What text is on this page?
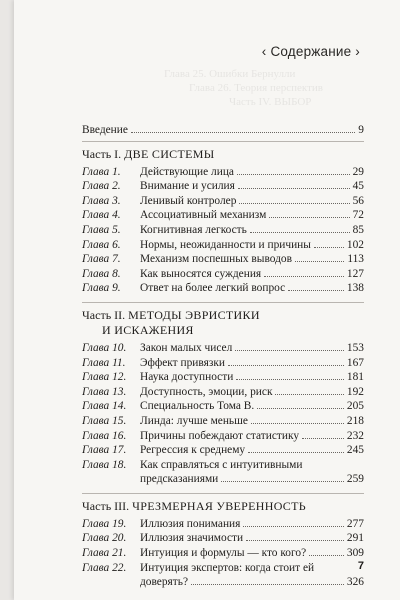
Глава 25. Ошибки Бернулли
Часть IV. ВЫБОР
Глава 26. Теория перспектив
‹ Содержание ›
Введение	9
Часть I. ДВЕ СИСТЕМЫ
Глава 1.	Действующие лица	29
Глава 2.	Внимание и усилия	45
Глава 3.	Ленивый контролер	56
Глава 4.	Ассоциативный механизм	72
Глава 5.	Когнитивная легкость	85
Глава 6.	Нормы, неожиданности и причины	102
Глава 7.	Механизм поспешных выводов	113
Глава 8.	Как выносятся суждения	127
Глава 9.	Ответ на более легкий вопрос	138
Часть II. МЕТОДЫ ЭВРИСТИКИ
И ИСКАЖЕНИЯ
Глава 10.	Закон малых чисел	153
Глава 11.	Эффект привязки	167
Глава 12.	Наука доступности	181
Глава 13.	Доступность, эмоции, риск	192
Глава 14.	Специальность Тома В.	205
Глава 15.	Линда: лучше меньше	218
Глава 16.	Причины побеждают статистику	232
Глава 17.	Регрессия к среднему	245
Глава 18.	Как справляться с интуитивными
предсказаниями	259
Часть III. ЧРЕЗМЕРНАЯ УВЕРЕННОСТЬ
Глава 19.	Иллюзия понимания	277
Глава 20.	Иллюзия значимости	291
Глава 21.	Интуиция и формулы — кто кого?	309
Глава 22.	Интуиция экспертов: когда стоит ей
доверять?	326
7
